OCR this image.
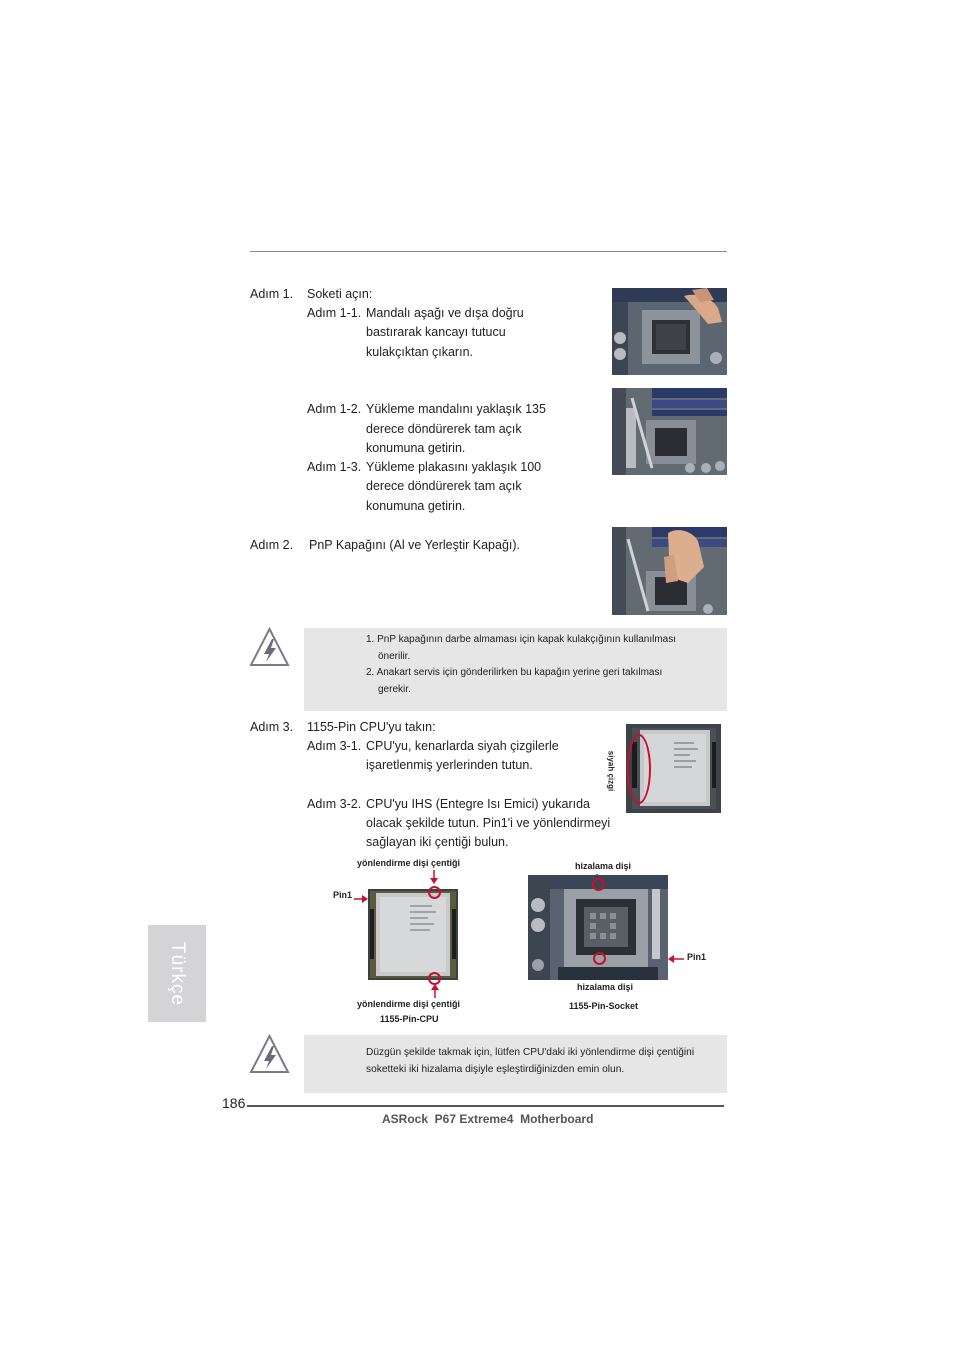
Adım 1. Soketi açın:
Adım 1-1. Mandalı aşağı ve dışa doğru
bastırarak kancayı tutucu
kulakçıktan çıkarın.
Adım 1-2. Yükleme mandalını yaklaşık 135
derece döndürerek tam açık
konumuna getirin.
Adım 1-3. Yükleme plakasını yaklaşık 100
derece döndürerek tam açık
konumuna getirin.
Adım 2. PnP Kapağını (Al ve Yerleştir Kapağı).
1. PnP kapağının darbe almaması için kapak kulakçığının kullanılması
önerilir.
2. Anakart servis için gönderilirken bu kapağın yerine geri takılması
gerekir.
Adım 3. 1155-Pin CPU'yu takın:
Adım 3-1. CPU'yu, kenarlarda siyah çizgilerle
işaretlenmiş yerlerinden tutun.
Adım 3-2. CPU'yu IHS (Entegre Isı Emici) yukarıda
olacak şekilde tutun. Pin1'i ve yönlendirmeyi
sağlayan iki çentiği bulun.
siyah çizgi
yönlendirme dişi çentiği
Pin1
yönlendirme dişi çentiği
1155-Pin-CPU
hizalama dişi
Pin1
hizalama dişi
1155-Pin-Socket
Düzgün şekilde takmak için, lütfen CPU'daki iki yönlendirme dişi çentiğini
soketteki iki hizalama dişiyle eşleştirdiğinizden emin olun.
Türkçe
186
ASRock  P67 Extreme4  Motherboard
